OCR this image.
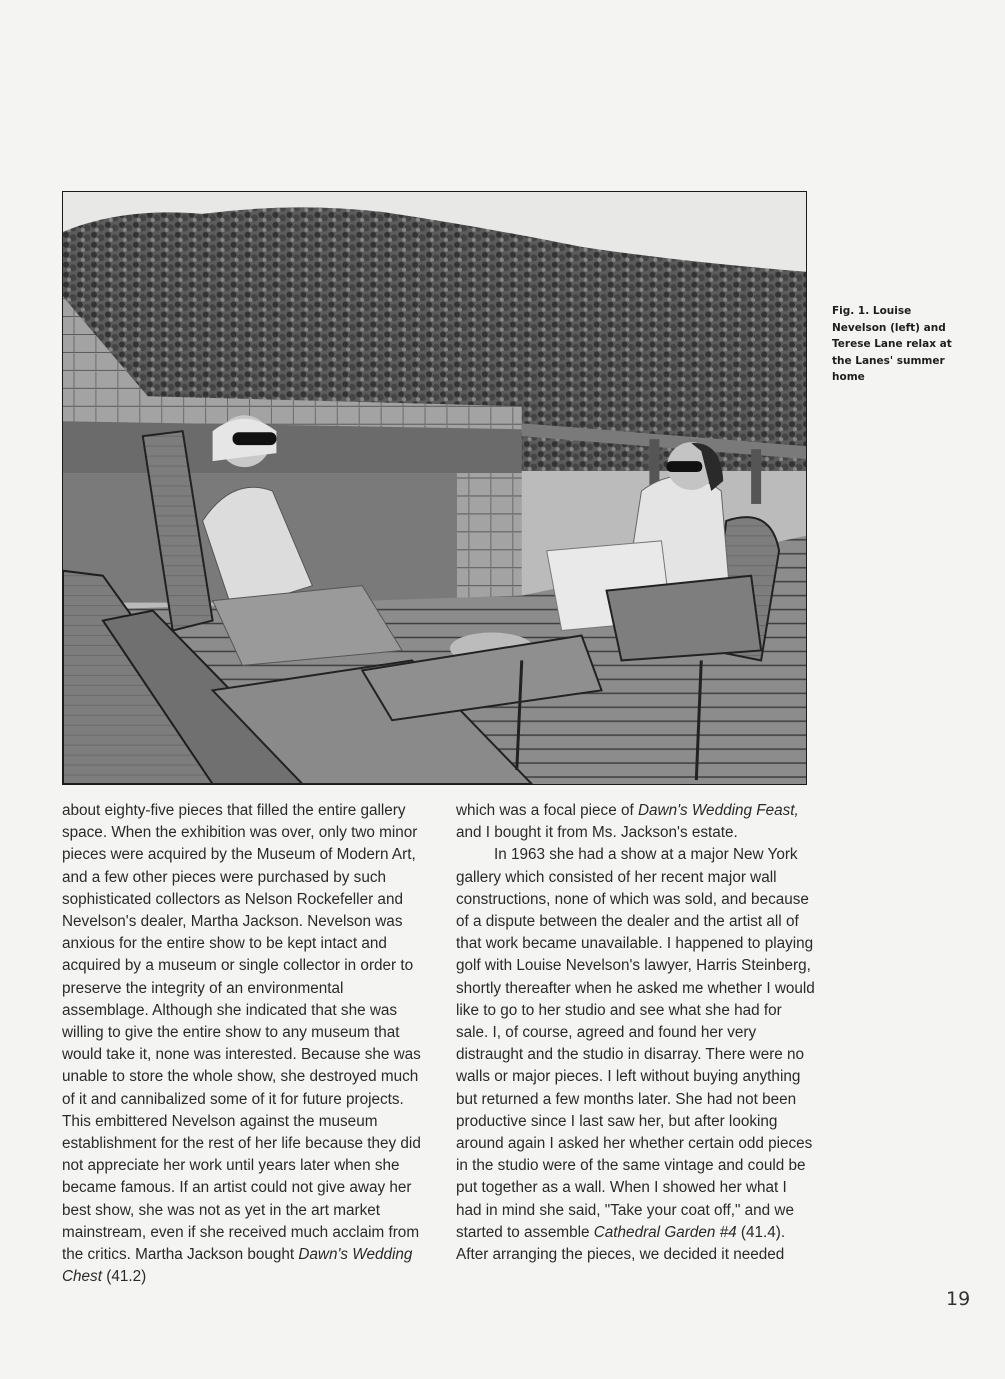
Fig. 1. Louise Nevelson (left) and Terese Lane relax at the Lanes' summer home

about eighty-five pieces that filled the entire gallery space. When the exhibition was over, only two minor pieces were acquired by the Museum of Modern Art, and a few other pieces were purchased by such sophisticated collectors as Nelson Rockefeller and Nevelson's dealer, Martha Jackson. Nevelson was anxious for the entire show to be kept intact and acquired by a museum or single collector in order to preserve the integrity of an environmental assemblage. Although she indicated that she was willing to give the entire show to any museum that would take it, none was interested. Because she was unable to store the whole show, she destroyed much of it and cannibalized some of it for future projects. This embittered Nevelson against the museum establishment for the rest of her life because they did not appreciate her work until years later when she became famous. If an artist could not give away her best show, she was not as yet in the art market mainstream, even if she received much acclaim from the critics. Martha Jackson bought Dawn's Wedding Chest (41.2)

which was a focal piece of Dawn's Wedding Feast, and I bought it from Ms. Jackson's estate.

In 1963 she had a show at a major New York gallery which consisted of her recent major wall constructions, none of which was sold, and because of a dispute between the dealer and the artist all of that work became unavailable. I happened to playing golf with Louise Nevelson's lawyer, Harris Steinberg, shortly thereafter when he asked me whether I would like to go to her studio and see what she had for sale. I, of course, agreed and found her very distraught and the studio in disarray. There were no walls or major pieces. I left without buying anything but returned a few months later. She had not been productive since I last saw her, but after looking around again I asked her whether certain odd pieces in the studio were of the same vintage and could be put together as a wall. When I showed her what I had in mind she said, "Take your coat off," and we started to assemble Cathedral Garden #4 (41.4). After arranging the pieces, we decided it needed

19
